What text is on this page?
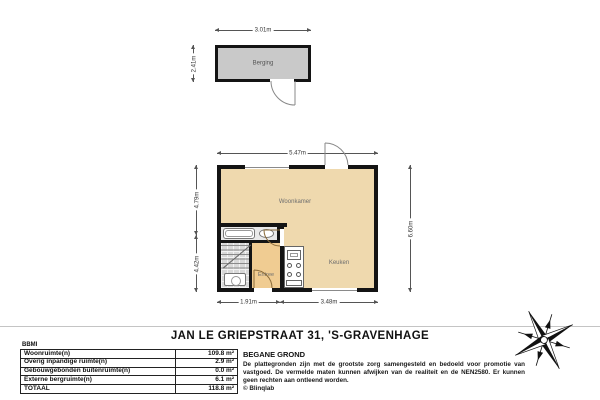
3.01m
2.41m	Berging
5.47m
6.60m
4.79m
4.42m
1.91m	3.48m
Woonkamer
Keuken
Entree
JAN LE GRIEPSTRAAT 31, 'S-GRAVENHAGE
BBMI
Woonruimte(n)	109.8 m²
Overig inpandige ruimte(n)	2.9 m²
Gebouwgebonden buitenruimte(n)	0.0 m²
Externe bergruimte(n)	6.1 m²
TOTAAL	118.8 m²
BEGANE GROND
De plattegronden zijn met de grootste zorg samengesteld en bedoeld voor promotie van vastgoed. De vermelde maten kunnen afwijken van de realiteit en de NEN2580. Er kunnen geen rechten aan ontleend worden.
© Blinqlab
